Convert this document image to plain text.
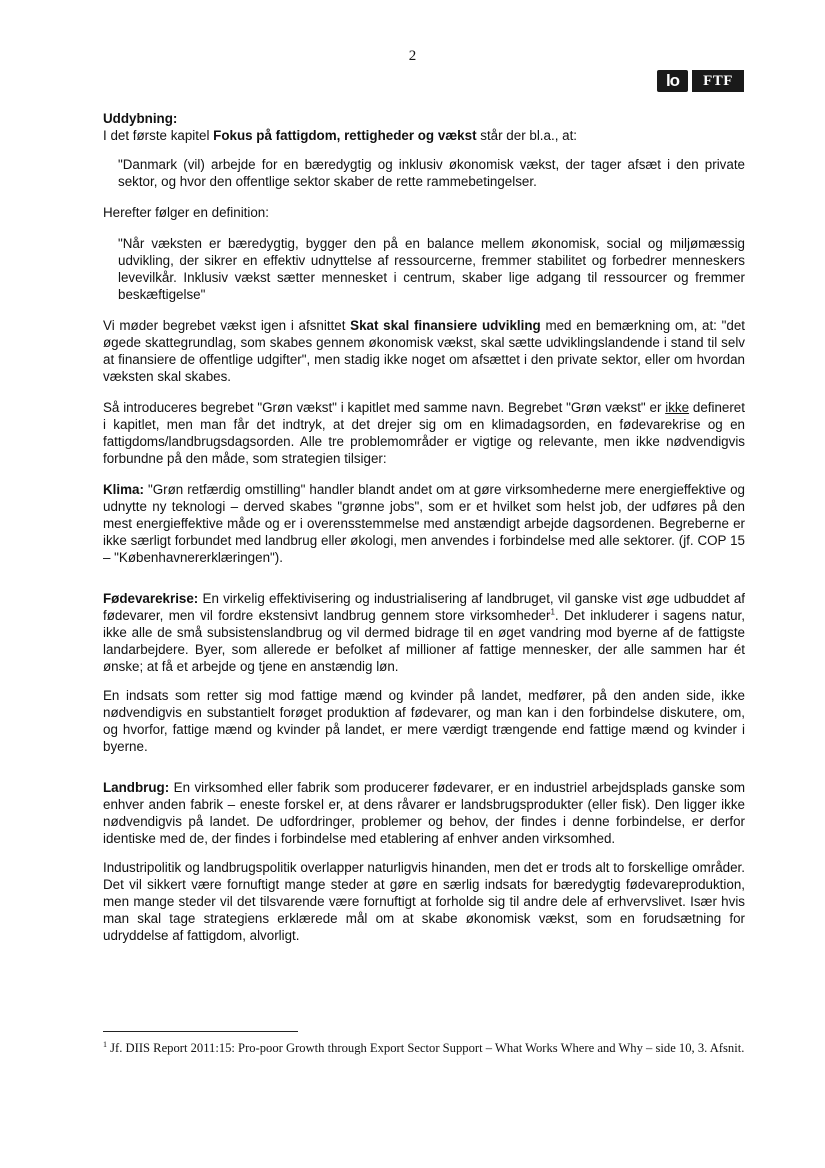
2
lo	FTF

Uddybning:

I det første kapitel Fokus på fattigdom, rettigheder og vækst står der bl.a., at:

"Danmark (vil) arbejde for en bæredygtig og inklusiv økonomisk vækst, der tager afsæt i den private sektor, og hvor den offentlige sektor skaber de rette rammebetingelser.

Herefter følger en definition:

"Når væksten er bæredygtig, bygger den på en balance mellem økonomisk, social og miljømæssig udvikling, der sikrer en effektiv udnyttelse af ressourcerne, fremmer stabilitet og forbedrer menneskers levevilkår. Inklusiv vækst sætter mennesket i centrum, skaber lige adgang til ressourcer og fremmer beskæftigelse"

Vi møder begrebet vækst igen i afsnittet Skat skal finansiere udvikling med en bemærkning om, at: "det øgede skattegrundlag, som skabes gennem økonomisk vækst, skal sætte udviklingslandende i stand til selv at finansiere de offentlige udgifter", men stadig ikke noget om afsættet i den private sektor, eller om hvordan væksten skal skabes.

Så introduceres begrebet "Grøn vækst" i kapitlet med samme navn. Begrebet "Grøn vækst" er ikke defineret i kapitlet, men man får det indtryk, at det drejer sig om en klimadagsorden, en fødevarekrise og en fattigdoms/landbrugsdagsorden. Alle tre problemområder er vigtige og relevante, men ikke nødvendigvis forbundne på den måde, som strategien tilsiger:

Klima: "Grøn retfærdig omstilling" handler blandt andet om at gøre virksomhederne mere energieffektive og udnytte ny teknologi – derved skabes "grønne jobs", som er et hvilket som helst job, der udføres på den mest energieffektive måde og er i overensstemmelse med anstændigt arbejde dagsordenen. Begreberne er ikke særligt forbundet med landbrug eller økologi, men anvendes i forbindelse med alle sektorer. (jf. COP 15 – "Københavnererklæringen").

Fødevarekrise: En virkelig effektivisering og industrialisering af landbruget, vil ganske vist øge udbuddet af fødevarer, men vil fordre ekstensivt landbrug gennem store virksomheder$^1$. Det inkluderer i sagens natur, ikke alle de små subsistenslandbrug og vil dermed bidrage til en øget vandring mod byerne af de fattigste landarbejdere. Byer, som allerede er befolket af millioner af fattige mennesker, der alle sammen har ét ønske; at få et arbejde og tjene en anstændig løn.

En indsats som retter sig mod fattige mænd og kvinder på landet, medfører, på den anden side, ikke nødvendigvis en substantielt forøget produktion af fødevarer, og man kan i den forbindelse diskutere, om, og hvorfor, fattige mænd og kvinder på landet, er mere værdigt trængende end fattige mænd og kvinder i byerne.

Landbrug: En virksomhed eller fabrik som producerer fødevarer, er en industriel arbejdsplads ganske som enhver anden fabrik – eneste forskel er, at dens råvarer er landsbrugsprodukter (eller fisk). Den ligger ikke nødvendigvis på landet. De udfordringer, problemer og behov, der findes i denne forbindelse, er derfor identiske med de, der findes i forbindelse med etablering af enhver anden virksomhed.

Industripolitik og landbrugspolitik overlapper naturligvis hinanden, men det er trods alt to forskellige områder. Det vil sikkert være fornuftigt mange steder at gøre en særlig indsats for bæredygtig fødevareproduktion, men mange steder vil det tilsvarende være fornuftigt at forholde sig til andre dele af erhvervslivet. Især hvis man skal tage strategiens erklærede mål om at skabe økonomisk vækst, som en forudsætning for udryddelse af fattigdom, alvorligt.

$^1$ Jf. DIIS Report 2011:15: Pro-poor Growth through Export Sector Support – What Works Where and Why – side 10, 3. Afsnit.
